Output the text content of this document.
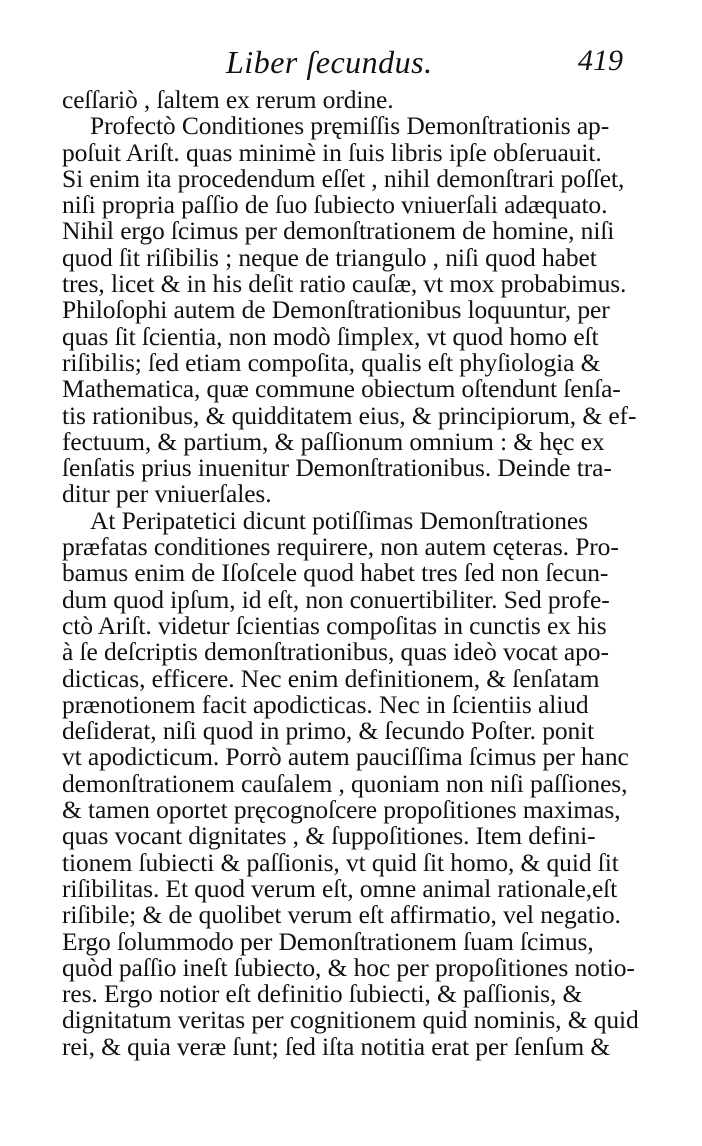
Liber ſecundus.	419
ceſſariò , ſaltem ex rerum ordine.
Profectò Conditiones pręmiſſis Demonſtrationis ap-
poſuit Ariſt. quas minimè in ſuis libris ipſe obſeruauit.
Si enim ita procedendum eſſet , nihil demonſtrari poſſet,
niſi propria paſſio de ſuo ſubiecto vniuerſali adæquato.
Nihil ergo ſcimus per demonſtrationem de homine, niſi
quod ſit riſibilis ; neque de triangulo , niſi quod habet
tres, licet & in his deſit ratio cauſæ, vt mox probabimus.
Philoſophi autem de Demonſtrationibus loquuntur, per
quas ſit ſcientia, non modò ſimplex, vt quod homo eſt
riſibilis; ſed etiam compoſita, qualis eſt phyſiologia &
Mathematica, quæ commune obiectum oſtendunt ſenſa-
tis rationibus, & quidditatem eius, & principiorum, & ef-
fectuum, & partium, & paſſionum omnium : & hęc ex
ſenſatis prius inuenitur Demonſtrationibus. Deinde tra-
ditur per vniuerſales.
At Peripatetici dicunt potiſſimas Demonſtrationes
præfatas conditiones requirere, non autem cęteras. Pro-
bamus enim de Iſoſcele quod habet tres ſed non ſecun-
dum quod ipſum, id eſt, non conuertibiliter. Sed profe-
ctò Ariſt. videtur ſcientias compoſitas in cunctis ex his
à ſe deſcriptis demonſtrationibus, quas ideò vocat apo-
dicticas, efficere. Nec enim definitionem, & ſenſatam
prænotionem facit apodicticas. Nec in ſcientiis aliud
deſiderat, niſi quod in primo, & ſecundo Poſter. ponit
vt apodicticum. Porrò autem pauciſſima ſcimus per hanc
demonſtrationem cauſalem , quoniam non niſi paſſiones,
& tamen oportet pręcognoſcere propoſitiones maximas,
quas vocant dignitates , & ſuppoſitiones. Item defini-
tionem ſubiecti & paſſionis, vt quid ſit homo, & quid ſit
riſibilitas. Et quod verum eſt, omne animal rationale,eſt
riſibile; & de quolibet verum eſt affirmatio, vel negatio.
Ergo ſolummodo per Demonſtrationem ſuam ſcimus,
quòd paſſio ineſt ſubiecto, & hoc per propoſitiones notio-
res. Ergo notior eſt definitio ſubiecti, & paſſionis, &
dignitatum veritas per cognitionem quid nominis, & quid
rei, & quia veræ ſunt; ſed iſta notitia erat per ſenſum &
